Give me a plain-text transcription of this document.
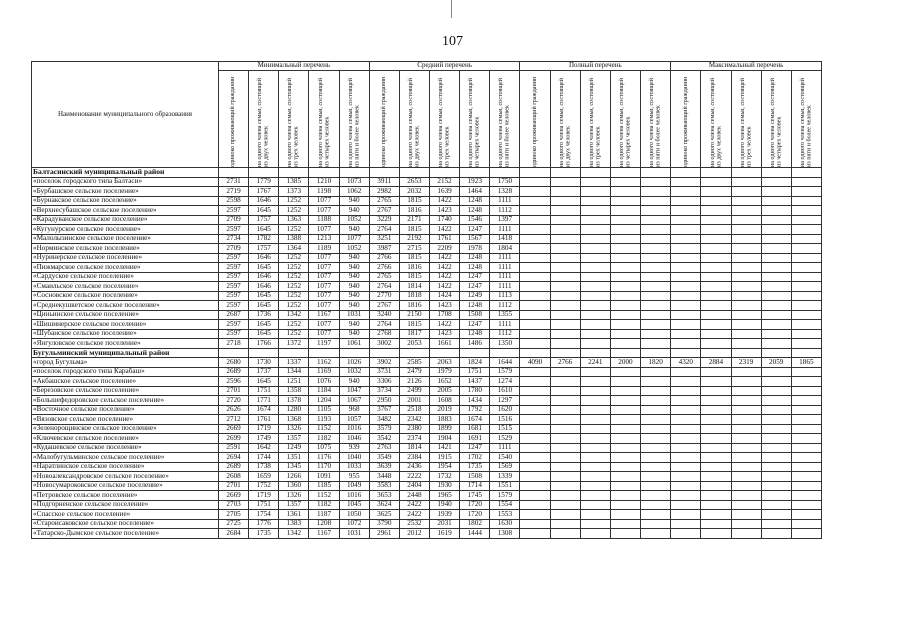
107
Наименование муниципального образования	Минимальный перечень					Средний перечень					Полный перечень					Максимальный перечень				

	одиноко проживающий гражданин	на одного члена семьи, состоящей из двух человек	на одного члена семьи, состоящей из трех человек	на одного члена семьи, состоящей из четырех человек	на одного члена семьи, состоящей из пяти и более человек	одиноко проживающий гражданин	на одного члена семьи, состоящей из двух человек	на одного члена семьи, состоящей из трех человек	на одного члена семьи, состоящей из четырех человек	на одного члена семьи, состоящей из пяти и более человек	одиноко проживающий гражданин	на одного члена семьи, состоящей из двух человек	на одного члена семьи, состоящей из трех человек	на одного члена семьи, состоящей из четырех человек	на одного члена семьи, состоящей из пяти и более человек	одиноко проживающий гражданин	на одного члена семьи, состоящей из двух человек	на одного члена семьи, состоящей из трех человек	на одного члена семьи, состоящей из четырех человек	на одного члена семьи, состоящей из пяти и более человек

Балтасинский муниципальный район																				
«поселок городского типа Балтаси»	2731	1779	1385	1210	1073	3911	2653	2152	1923	1750										
«Бурбашское сельское поселение»	2719	1767	1373	1198	1062	2982	2032	1639	1464	1328										
«Бурнакское сельское поселение»	2598	1646	1252	1077	940	2765	1815	1422	1248	1111										
«Верхнесубашское сельское поселение»	2597	1645	1252	1077	940	2767	1816	1423	1248	1112										
«Карадуванское сельское поселение»	2709	1757	1363	1188	1052	3229	2171	1740	1546	1397										
«Кугунурское сельское поселение»	2597	1645	1252	1077	940	2764	1815	1422	1247	1111										
«Малолызинское сельское поселение»	2734	1782	1388	1213	1077	3251	2192	1761	1567	1418										
«Норминское сельское поселение»	2709	1757	1364	1189	1052	3987	2715	2209	1978	1804										
«Нуринерское сельское поселение»	2597	1646	1252	1077	940	2766	1815	1422	1248	1111										
«Пижмарское сельское поселение»	2597	1645	1252	1077	940	2766	1816	1422	1248	1111										
«Сардуское сельское поселение»	2597	1646	1252	1077	940	2765	1815	1422	1247	1111										
«Смаильское сельское поселение»	2597	1646	1252	1077	940	2764	1814	1422	1247	1111										
«Сосновское сельское поселение»	2597	1645	1252	1077	940	2770	1818	1424	1249	1113										
«Среднекушкетское сельское поселение»	2597	1645	1252	1077	940	2767	1816	1423	1248	1112										
«Циньинское сельское поселение»	2687	1736	1342	1167	1031	3240	2150	1708	1508	1355										
«Шишинерское сельское поселение»	2597	1645	1252	1077	940	2764	1815	1422	1247	1111										
«Шубанское сельское поселение»	2597	1645	1252	1077	940	2768	1817	1423	1248	1112										
«Янгуловское сельское поселение»	2718	1766	1372	1197	1061	3002	2053	1661	1486	1350										
Бугульминский муниципальный район																				
«город Бугульма»	2680	1730	1337	1162	1026	3902	2585	2063	1824	1644	4090	2766	2241	2000	1820	4320	2884	2319	2059	1865
«поселок городского типа Карабаш»	2689	1737	1344	1169	1032	3731	2479	1979	1751	1579										
«Акбашское сельское поселение»	2596	1645	1251	1076	940	3306	2126	1652	1437	1274										
«Березовское сельское поселение»	2701	1751	1358	1184	1047	3734	2499	2005	1780	1610										
«Большефедоровское сельское поселение»	2720	1771	1378	1204	1067	2950	2001	1608	1434	1297										
«Восточное сельское поселение»	2626	1674	1280	1105	968	3767	2518	2019	1792	1620										
«Вязовское сельское поселение»	2712	1761	1368	1193	1057	3482	2342	1883	1674	1516										
«Зеленорощинское сельское поселение»	2669	1719	1326	1152	1016	3579	2380	1899	1681	1515										
«Ключевское сельское поселение»	2699	1749	1357	1182	1046	3542	2374	1904	1691	1529										
«Кудашевское сельское поселение»	2591	1642	1249	1075	939	2763	1814	1421	1247	1111										
«Малобугульминское сельское поселение»	2694	1744	1351	1176	1040	3549	2384	1915	1702	1540										
«Наратлинское сельское поселение»	2689	1738	1345	1170	1033	3639	2436	1954	1735	1569										
«Новоалександровское сельское поселение»	2608	1659	1266	1091	955	3448	2222	1732	1508	1339										
«Новосумароковское сельское поселение»	2701	1752	1360	1185	1049	3583	2404	1930	1714	1551										
«Петровское сельское поселение»	2669	1719	1326	1152	1016	3653	2448	1965	1745	1579										
«Подгорненское сельское поселение»	2703	1751	1357	1182	1045	3624	2422	1940	1720	1554										
«Спасское сельское поселение»	2705	1754	1361	1187	1050	3625	2422	1939	1720	1553										
«Староисаковское сельское поселение»	2725	1776	1383	1208	1072	3790	2532	2031	1802	1630										
«Татарско-Дымское сельское поселение»	2684	1735	1342	1167	1031	2961	2012	1619	1444	1308										
